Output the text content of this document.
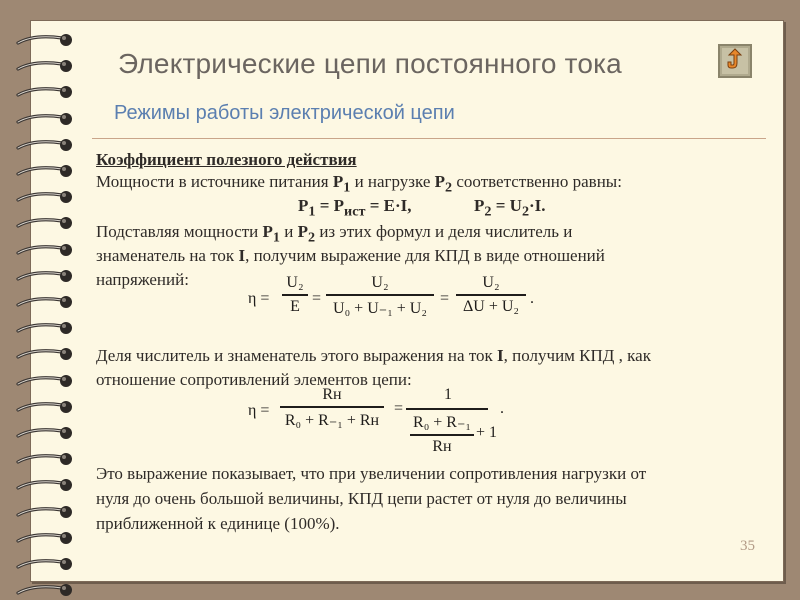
Электрические цепи постоянного тока
Режимы работы электрической цепи
Коэффициент полезного действия
Мощности в источнике питания $P_1$ и нагрузке $P_2$ соответственно равны:
$P_1 = P_{ист} = E\cdot I$,	$P_2 = U_2\cdot I$.
Подставляя мощности $P_1$ и $P_2$ из этих формул и деля числитель и
знаменатель на ток I, получим выражение для КПД в виде отношений
напряжений:
η =
U₂
E =
U₂
U₀ + U₋₁ + U₂
=
U₂
ΔU + U₂ .
Деля числитель и знаменатель этого выражения на ток I, получим КПД , как
отношение сопротивлений элементов цепи:
η =
Rн
R₀ + R₋₁ + Rн
=
1
R₀ + R₋₁
Rн
+ 1
.
Это выражение показывает, что при увеличении сопротивления нагрузки от
нуля до очень большой величины, КПД цепи растет от нуля до величины
приближенной к единице (100%).
35
